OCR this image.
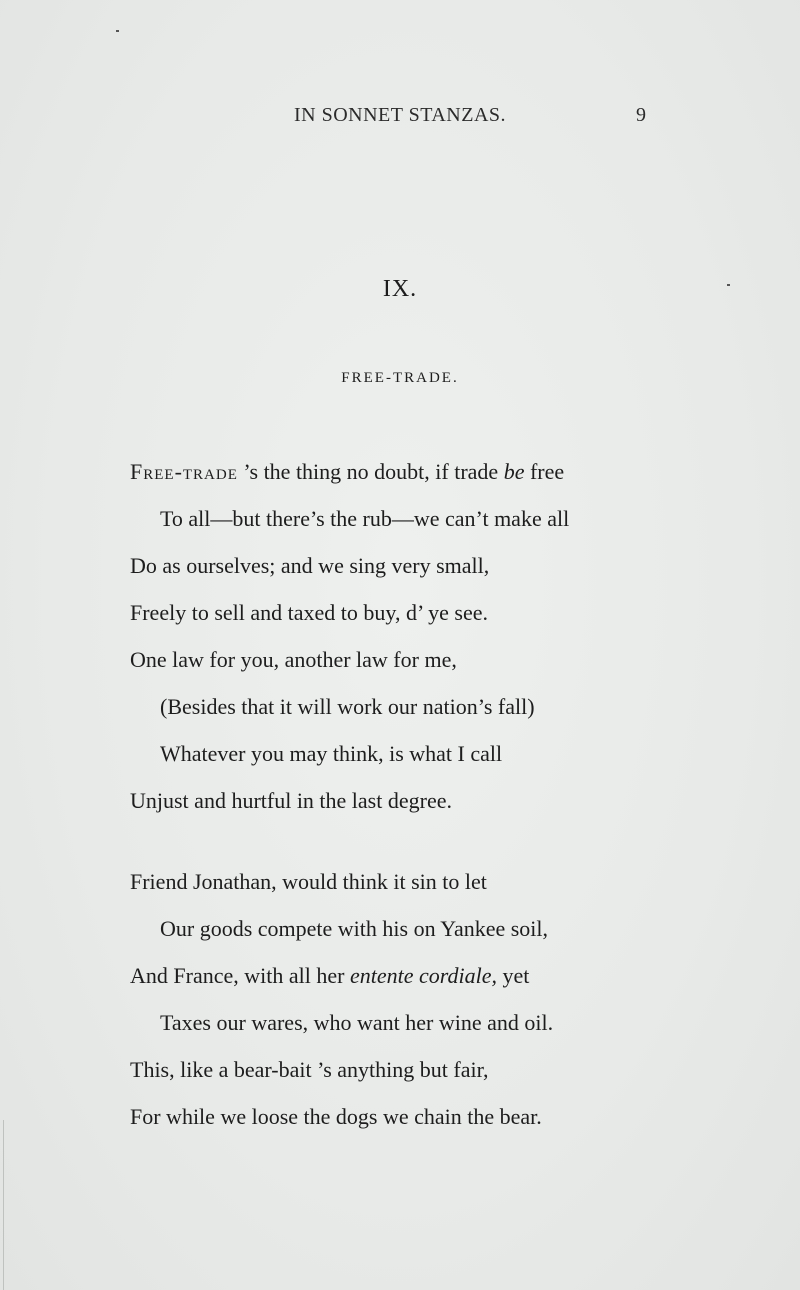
IN SONNET STANZAS.	9
IX.
FREE-TRADE.
Free-trade ’s the thing no doubt, if trade be free
To all—but there’s the rub—we can’t make all
Do as ourselves; and we sing very small,
Freely to sell and taxed to buy, d’ ye see.
One law for you, another law for me,
(Besides that it will work our nation’s fall)
Whatever you may think, is what I call
Unjust and hurtful in the last degree.
Friend Jonathan, would think it sin to let
Our goods compete with his on Yankee soil,
And France, with all her entente cordiale, yet
Taxes our wares, who want her wine and oil.
This, like a bear-bait ’s anything but fair,
For while we loose the dogs we chain the bear.
